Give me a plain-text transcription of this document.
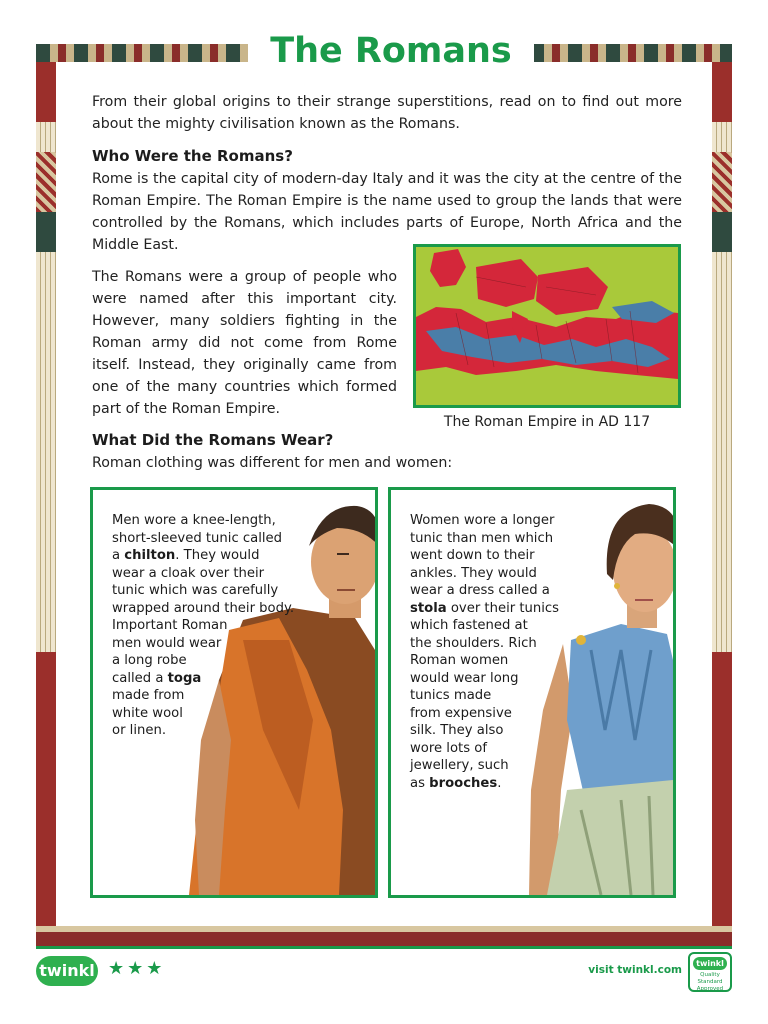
The Romans

From their global origins to their strange superstitions, read on to find out more about the mighty civilisation known as the Romans.

Who Were the Romans?

Rome is the capital city of modern-day Italy and it was the city at the centre of the Roman Empire. The Roman Empire is the name used to group the lands that were controlled by the Romans, which includes parts of Europe, North Africa and the Middle East.

The Romans were a group of people who were named after this important city. However, many soldiers fighting in the Roman army did not come from Rome itself. Instead, they originally came from one of the many countries which formed part of the Roman Empire.

The Roman Empire in AD 117
What Did the Romans Wear?

Roman clothing was different for men and women:

Men wore a knee-length,
short-sleeved tunic called
a chilton. They would
wear a cloak over their
tunic which was carefully
wrapped around their body.
Important Roman
men would wear
a long robe
called a toga
made from
white wool
or linen.
Women wore a longer
tunic than men which
went down to their
ankles. They would
wear a dress called a
stola over their tunics
which fastened at
the shoulders. Rich
Roman women
would wear long
tunics made
from expensive
silk. They also
wore lots of
jewellery, such
as brooches.
twinkl ★★★	visit twinkl.com
twinkl
Quality Standard Approved
